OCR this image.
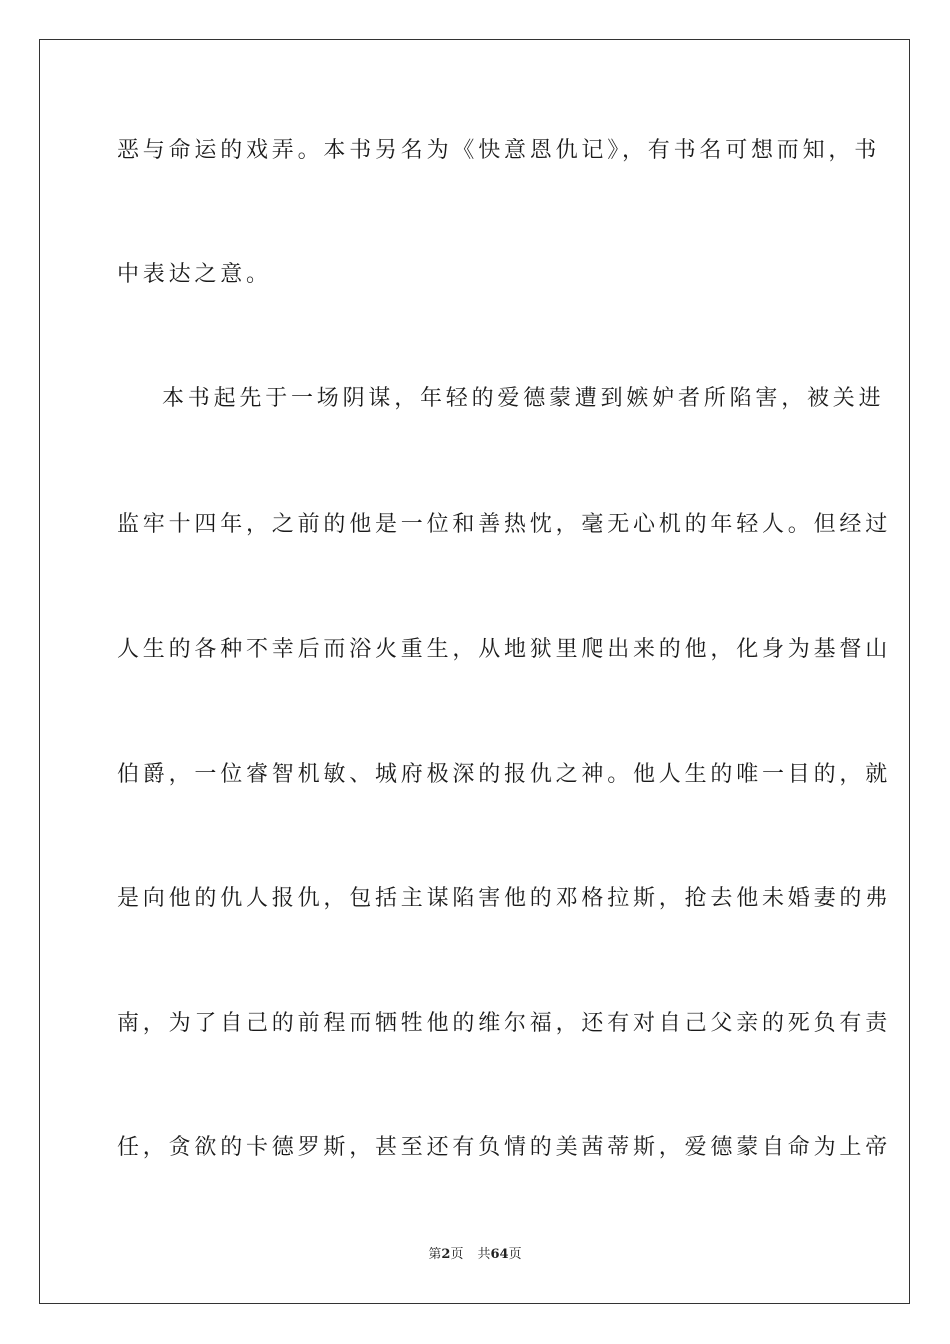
恶与命运的戏弄。本书另名为《快意恩仇记》，有书名可想而知，书
中表达之意。
本书起先于一场阴谋，年轻的爱德蒙遭到嫉妒者所陷害，被关进
监牢十四年，之前的他是一位和善热忱，毫无心机的年轻人。但经过
人生的各种不幸后而浴火重生，从地狱里爬出来的他，化身为基督山
伯爵，一位睿智机敏、城府极深的报仇之神。他人生的唯一目的，就
是向他的仇人报仇，包括主谋陷害他的邓格拉斯，抢去他未婚妻的弗
南，为了自己的前程而牺牲他的维尔福，还有对自己父亲的死负有责
任，贪欲的卡德罗斯，甚至还有负情的美茜蒂斯，爱德蒙自命为上帝
第2页 共64页
